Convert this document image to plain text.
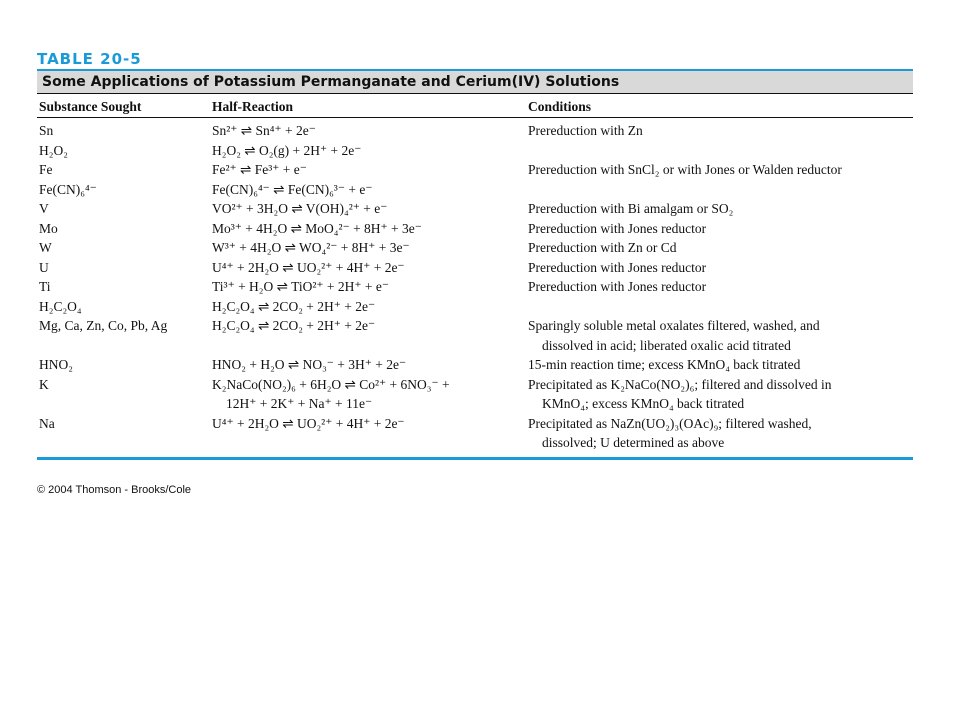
TABLE 20-5
Some Applications of Potassium Permanganate and Cerium(IV) Solutions
Substance Sought	Half-Reaction	Conditions
Sn	Sn²⁺ ⇌ Sn⁴⁺ + 2e⁻	Prereduction with Zn
H₂O₂	H₂O₂ ⇌ O₂(g) + 2H⁺ + 2e⁻	
Fe	Fe²⁺ ⇌ Fe³⁺ + e⁻	Prereduction with SnCl₂ or with Jones or Walden reductor
Fe(CN)₆⁴⁻	Fe(CN)₆⁴⁻ ⇌ Fe(CN)₆³⁻ + e⁻	
V	VO²⁺ + 3H₂O ⇌ V(OH)₄²⁺ + e⁻	Prereduction with Bi amalgam or SO₂
Mo	Mo³⁺ + 4H₂O ⇌ MoO₄²⁻ + 8H⁺ + 3e⁻	Prereduction with Jones reductor
W	W³⁺ + 4H₂O ⇌ WO₄²⁻ + 8H⁺ + 3e⁻	Prereduction with Zn or Cd
U	U⁴⁺ + 2H₂O ⇌ UO₂²⁺ + 4H⁺ + 2e⁻	Prereduction with Jones reductor
Ti	Ti³⁺ + H₂O ⇌ TiO²⁺ + 2H⁺ + e⁻	Prereduction with Jones reductor
H₂C₂O₄	H₂C₂O₄ ⇌ 2CO₂ + 2H⁺ + 2e⁻	
Mg, Ca, Zn, Co, Pb, Ag	H₂C₂O₄ ⇌ 2CO₂ + 2H⁺ + 2e⁻	Sparingly soluble metal oxalates filtered, washed, and
dissolved in acid; liberated oxalic acid titrated

HNO₂	HNO₂ + H₂O ⇌ NO₃⁻ + 3H⁺ + 2e⁻	15-min reaction time; excess KMnO₄ back titrated
K	K₂NaCo(NO₂)₆ + 6H₂O ⇌ Co²⁺ + 6NO₃⁻ +
12H⁺ + 2K⁺ + Na⁺ + 11e⁻	Precipitated as K₂NaCo(NO₂)₆; filtered and dissolved in
KMnO₄; excess KMnO₄ back titrated

Na	U⁴⁺ + 2H₂O ⇌ UO₂²⁺ + 4H⁺ + 2e⁻	Precipitated as NaZn(UO₂)₃(OAc)₉; filtered washed,
dissolved; U determined as above
© 2004 Thomson - Brooks/Cole
